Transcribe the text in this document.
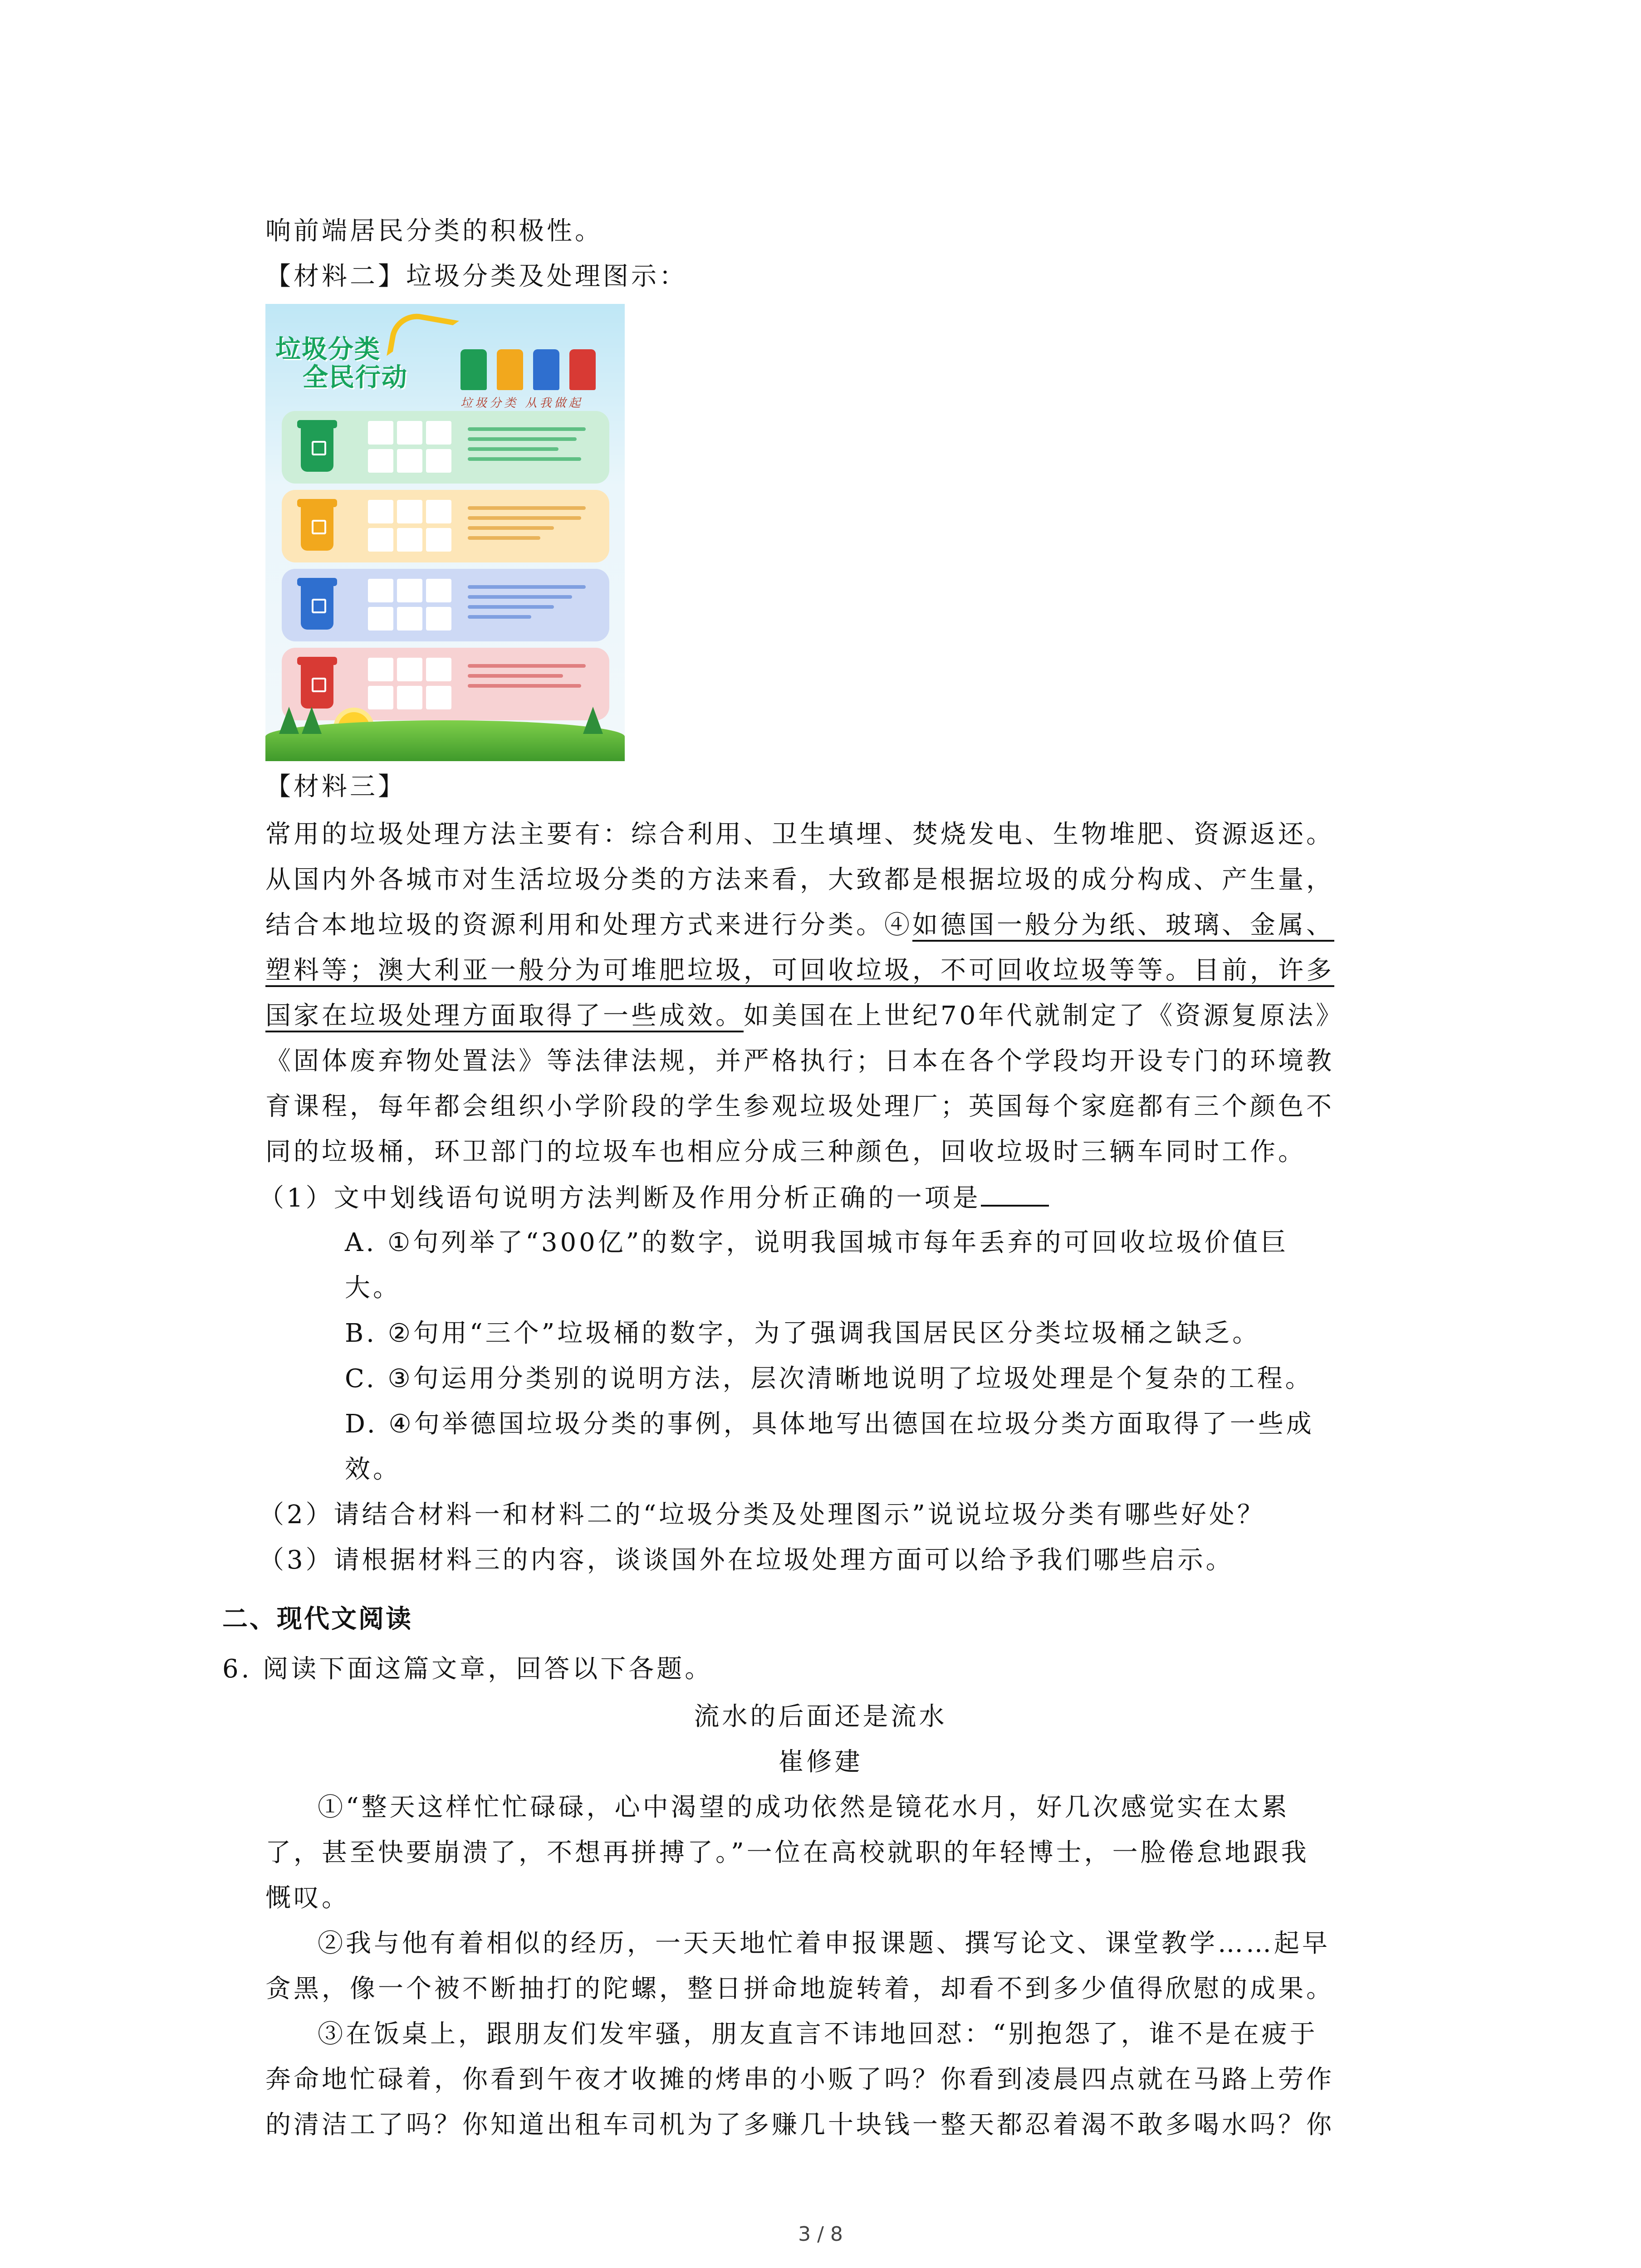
响前端居民分类的积极性。
【材料二】垃圾分类及处理图示：
垃圾分类
全民行动
垃圾分类 从我做起
【材料三】
常用的垃圾处理方法主要有：综合利用、卫生填埋、焚烧发电、生物堆肥、资源返还。
从国内外各城市对生活垃圾分类的方法来看，大致都是根据垃圾的成分构成、产生量，
结合本地垃圾的资源利用和处理方式来进行分类。④如德国一般分为纸、玻璃、金属、
塑料等；澳大利亚一般分为可堆肥垃圾，可回收垃圾，不可回收垃圾等等。目前，许多
国家在垃圾处理方面取得了一些成效。如美国在上世纪70年代就制定了《资源复原法》
《固体废弃物处置法》等法律法规，并严格执行；日本在各个学段均开设专门的环境教
育课程，每年都会组织小学阶段的学生参观垃圾处理厂；英国每个家庭都有三个颜色不
同的垃圾桶，环卫部门的垃圾车也相应分成三种颜色，回收垃圾时三辆车同时工作。
（1）文中划线语句说明方法判断及作用分析正确的一项是
A. ①句列举了“300亿”的数字，说明我国城市每年丢弃的可回收垃圾价值巨
大。
B. ②句用“三个”垃圾桶的数字，为了强调我国居民区分类垃圾桶之缺乏。
C. ③句运用分类别的说明方法，层次清晰地说明了垃圾处理是个复杂的工程。
D. ④句举德国垃圾分类的事例，具体地写出德国在垃圾分类方面取得了一些成
效。
（2）请结合材料一和材料二的“垃圾分类及处理图示”说说垃圾分类有哪些好处？
（3）请根据材料三的内容，谈谈国外在垃圾处理方面可以给予我们哪些启示。
二、现代文阅读
6. 阅读下面这篇文章，回答以下各题。
流水的后面还是流水
崔修建
①“整天这样忙忙碌碌，心中渴望的成功依然是镜花水月，好几次感觉实在太累
了，甚至快要崩溃了，不想再拼搏了。”一位在高校就职的年轻博士，一脸倦怠地跟我
慨叹。
②我与他有着相似的经历，一天天地忙着申报课题、撰写论文、课堂教学……起早
贪黑，像一个被不断抽打的陀螺，整日拼命地旋转着，却看不到多少值得欣慰的成果。
③在饭桌上，跟朋友们发牢骚，朋友直言不讳地回怼：“别抱怨了，谁不是在疲于
奔命地忙碌着，你看到午夜才收摊的烤串的小贩了吗？你看到凌晨四点就在马路上劳作
的清洁工了吗？你知道出租车司机为了多赚几十块钱一整天都忍着渴不敢多喝水吗？你
3 / 8
